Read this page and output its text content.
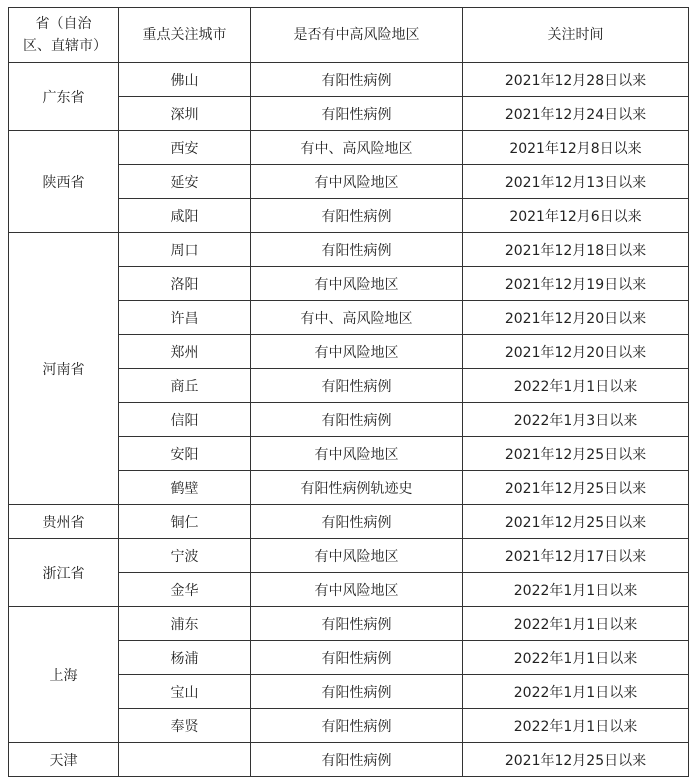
省（自治区、直辖市）	重点关注城市	是否有中高风险地区	关注时间
广东省	佛山	有阳性病例	2021年12月28日以来
	深圳	有阳性病例	2021年12月24日以来
陕西省	西安	有中、高风险地区	2021年12月8日以来
	延安	有中风险地区	2021年12月13日以来
	咸阳	有阳性病例	2021年12月6日以来
河南省	周口	有阳性病例	2021年12月18日以来
	洛阳	有中风险地区	2021年12月19日以来
	许昌	有中、高风险地区	2021年12月20日以来
	郑州	有中风险地区	2021年12月20日以来
	商丘	有阳性病例	2022年1月1日以来
	信阳	有阳性病例	2022年1月3日以来
	安阳	有中风险地区	2021年12月25日以来
	鹤壁	有阳性病例轨迹史	2021年12月25日以来
贵州省	铜仁	有阳性病例	2021年12月25日以来
浙江省	宁波	有中风险地区	2021年12月17日以来
	金华	有中风险地区	2022年1月1日以来
上海	浦东	有阳性病例	2022年1月1日以来
	杨浦	有阳性病例	2022年1月1日以来
	宝山	有阳性病例	2022年1月1日以来
	奉贤	有阳性病例	2022年1月1日以来
天津		有阳性病例	2021年12月25日以来
